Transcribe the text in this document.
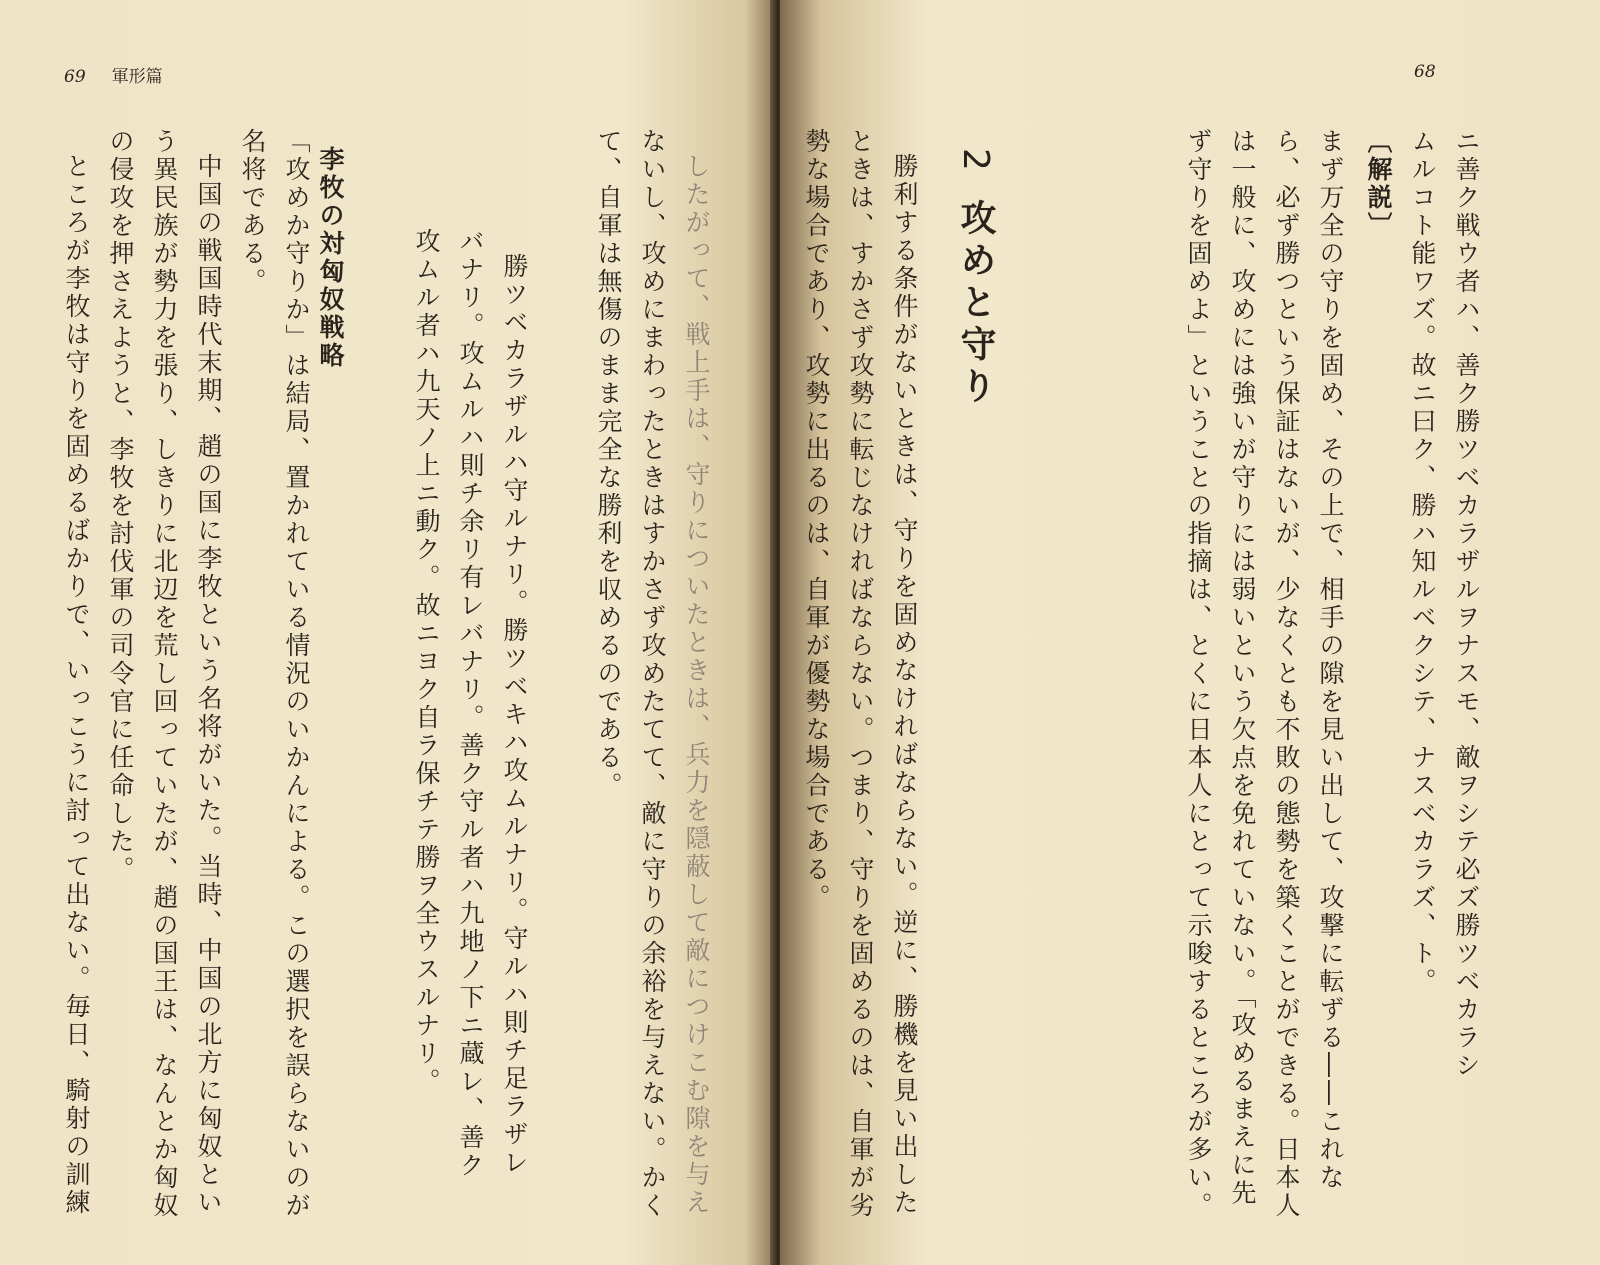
69 軍形篇

したがって、戦上手は、守りについたときは、兵力を隠蔽して敵につけこむ隙を与え

ないし、攻めにまわったときはすかさず攻めたてて、敵に守りの余裕を与えない。かく

て、自軍は無傷のまま完全な勝利を収めるのである。

勝ツベカラザルハ守ルナリ。勝ツベキハ攻ムルナリ。守ルハ則チ足ラザレ

バナリ。攻ムルハ則チ余リ有レバナリ。善ク守ル者ハ九地ノ下ニ蔵レ、善ク

攻ムル者ハ九天ノ上ニ動ク。故ニヨク自ラ保チテ勝ヲ全ウスルナリ。

李牧の対匈奴戦略

「攻めか守りか」は結局、置かれている情況のいかんによる。この選択を誤らないのが

名将である。

中国の戦国時代末期、趙の国に李牧という名将がいた。当時、中国の北方に匈奴とい

う異民族が勢力を張り、しきりに北辺を荒し回っていたが、趙の国王は、なんとか匈奴

の侵攻を押さえようと、李牧を討伐軍の司令官に任命した。

ところが李牧は守りを固めるばかりで、いっこうに討って出ない。毎日、騎射の訓練

68

ニ善ク戦ウ者ハ、善ク勝ツベカラザルヲナスモ、敵ヲシテ必ズ勝ツベカラシ

ムルコト能ワズ。故ニ曰ク、勝ハ知ルベクシテ、ナスベカラズ、ト。

〔解説〕

まず万全の守りを固め、その上で、相手の隙を見い出して、攻撃に転ずる――これな

ら、必ず勝つという保証はないが、少なくとも不敗の態勢を築くことができる。日本人

は一般に、攻めには強いが守りには弱いという欠点を免れていない。「攻めるまえに先

ず守りを固めよ」ということの指摘は、とくに日本人にとって示唆するところが多い。

2攻めと守り

勝利する条件がないときは、守りを固めなければならない。逆に、勝機を見い出した

ときは、すかさず攻勢に転じなければならない。つまり、守りを固めるのは、自軍が劣

勢な場合であり、攻勢に出るのは、自軍が優勢な場合である。
